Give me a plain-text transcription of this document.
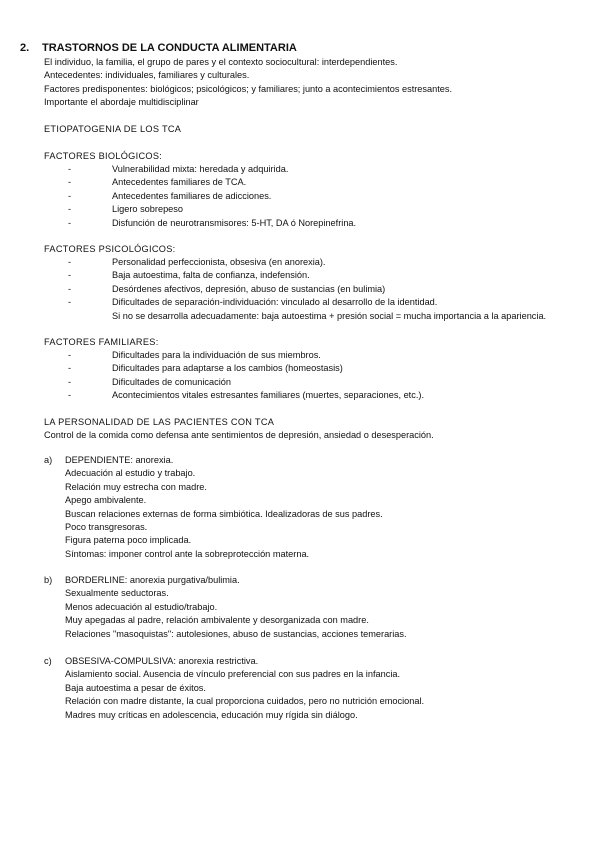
2. TRASTORNOS DE LA CONDUCTA ALIMENTARIA
El individuo, la familia, el grupo de pares y el contexto sociocultural: interdependientes.
Antecedentes: individuales, familiares y culturales.
Factores predisponentes: biológicos; psicológicos; y familiares; junto a acontecimientos estresantes.
Importante el abordaje multidisciplinar
ETIOPATOGENIA DE LOS TCA
FACTORES BIOLÓGICOS:
- Vulnerabilidad mixta: heredada y adquirida.
- Antecedentes familiares de TCA.
- Antecedentes familiares de adicciones.
- Ligero sobrepeso
- Disfunción de neurotransmisores: 5-HT, DA ó Norepinefrina.
FACTORES PSICOLÓGICOS:
- Personalidad perfeccionista, obsesiva (en anorexia).
- Baja autoestima, falta de confianza, indefensión.
- Desórdenes afectivos, depresión, abuso de sustancias (en bulimia)
- Dificultades de separación-individuación: vinculado al desarrollo de la identidad.
Si no se desarrolla adecuadamente: baja autoestima + presión social = mucha importancia a la apariencia.
FACTORES FAMILIARES:
- Dificultades para la individuación de sus miembros.
- Dificultades para adaptarse a los cambios (homeostasis)
- Dificultades de comunicación
- Acontecimientos vitales estresantes familiares (muertes, separaciones, etc.).
LA PERSONALIDAD DE LAS PACIENTES CON TCA
Control de la comida como defensa ante sentimientos de depresión, ansiedad o desesperación.
a) DEPENDIENTE: anorexia.
Adecuación al estudio y trabajo.
Relación muy estrecha con madre.
Apego ambivalente.
Buscan relaciones externas de forma simbiótica. Idealizadoras de sus padres.
Poco transgresoras.
Figura paterna poco implicada.
Síntomas: imponer control ante la sobreprotección materna.
b) BORDERLINE: anorexia purgativa/bulimia.
Sexualmente seductoras.
Menos adecuación al estudio/trabajo.
Muy apegadas al padre, relación ambivalente y desorganizada con madre.
Relaciones "masoquistas": autolesiones, abuso de sustancias, acciones temerarias.
c) OBSESIVA-COMPULSIVA: anorexia restrictiva.
Aislamiento social. Ausencia de vínculo preferencial con sus padres en la infancia.
Baja autoestima a pesar de éxitos.
Relación con madre distante, la cual proporciona cuidados, pero no nutrición emocional.
Madres muy críticas en adolescencia, educación muy rígida sin diálogo.
